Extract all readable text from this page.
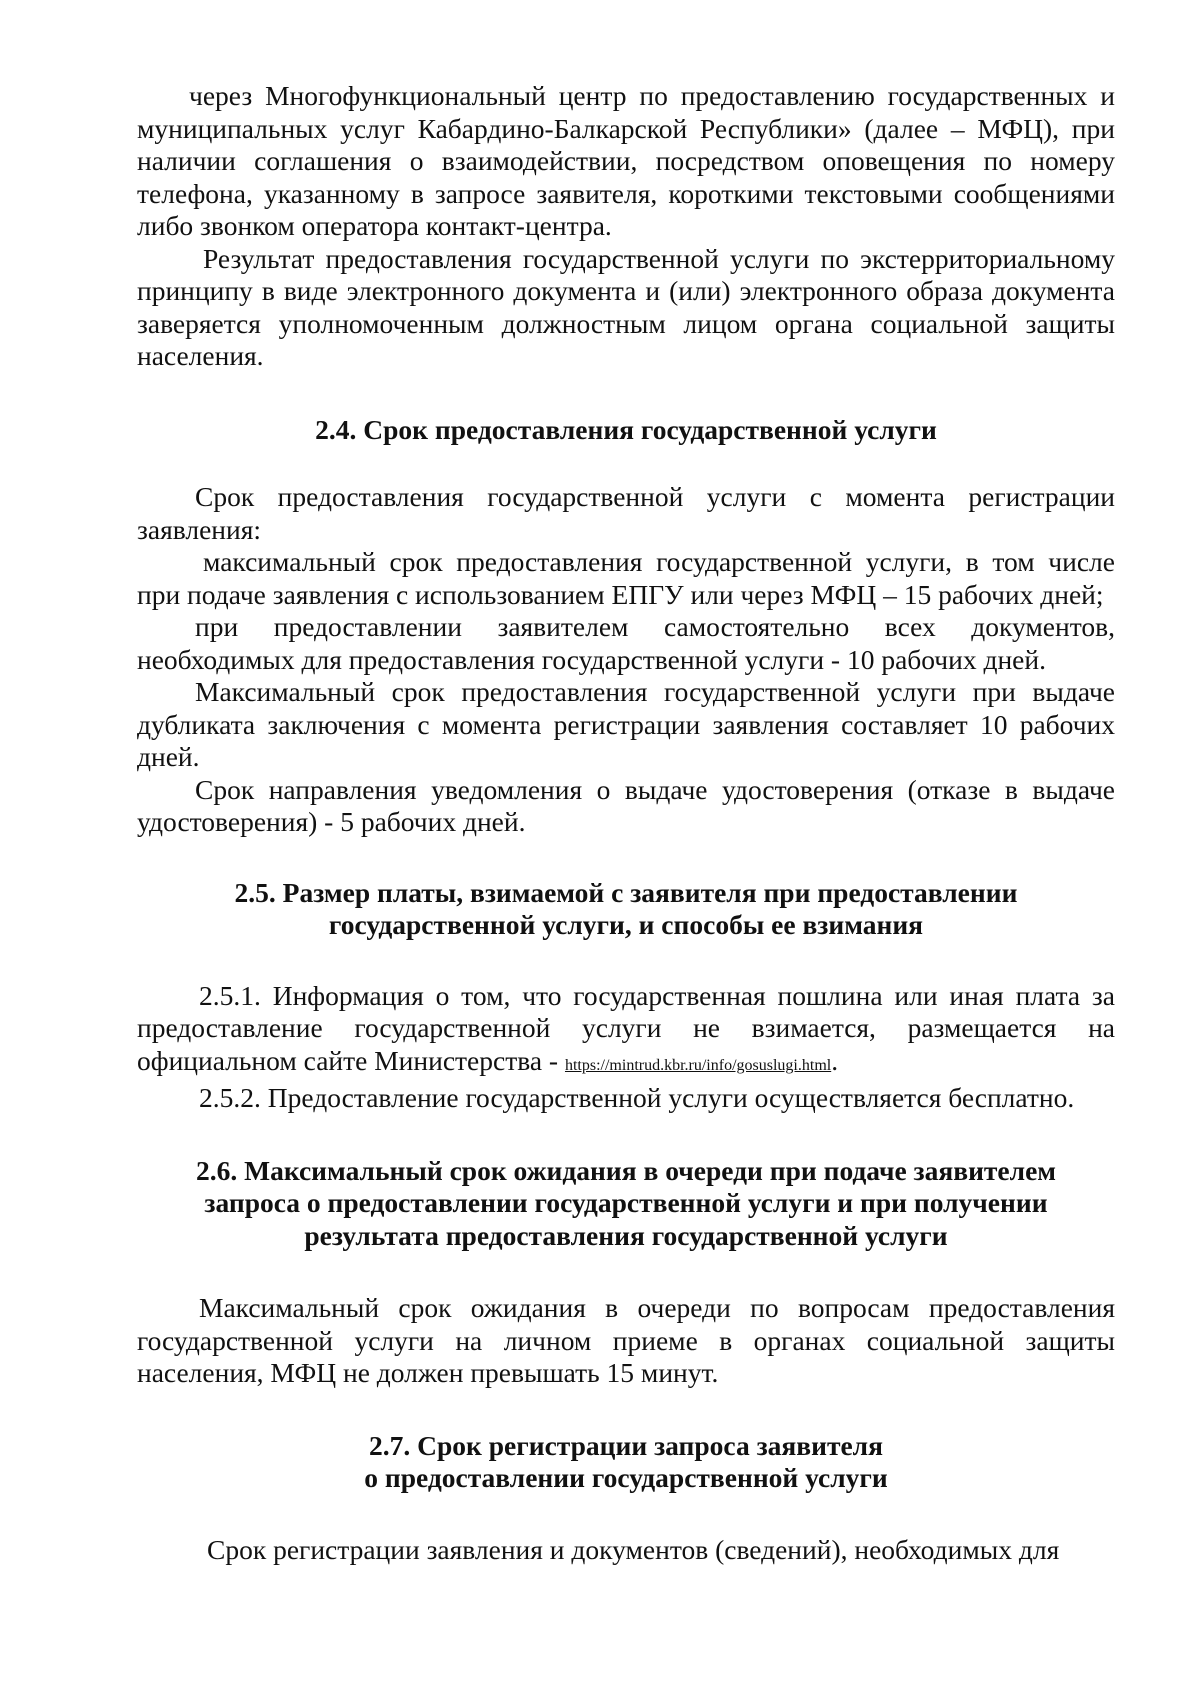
через Многофункциональный центр по предоставлению государственных и муниципальных услуг Кабардино-Балкарской Республики» (далее – МФЦ), при наличии соглашения о взаимодействии, посредством оповещения по номеру телефона, указанному в запросе заявителя, короткими текстовыми сообщениями либо звонком оператора контакт-центра.

Результат предоставления государственной услуги по экстерриториальному принципу в виде электронного документа и (или) электронного образа документа заверяется уполномоченным должностным лицом органа социальной защиты населения.

2.4. Срок предоставления государственной услуги

Срок предоставления государственной услуги с момента регистрации заявления:

максимальный срок предоставления государственной услуги, в том числе при подаче заявления с использованием ЕПГУ или через МФЦ – 15 рабочих дней;

при предоставлении заявителем самостоятельно всех документов, необходимых для предоставления государственной услуги - 10 рабочих дней.

Максимальный срок предоставления государственной услуги при выдаче дубликата заключения с момента регистрации заявления составляет 10 рабочих дней.

Срок направления уведомления о выдаче удостоверения (отказе в выдаче удостоверения) - 5 рабочих дней.

2.5. Размер платы, взимаемой с заявителя при предоставлении
государственной услуги, и способы ее взимания

2.5.1. Информация о том, что государственная пошлина или иная плата за предоставление государственной услуги не взимается, размещается на официальном сайте Министерства - https://mintrud.kbr.ru/info/gosuslugi.html.

2.5.2. Предоставление государственной услуги осуществляется бесплатно.

2.6. Максимальный срок ожидания в очереди при подаче заявителем
запроса о предоставлении государственной услуги и при получении
результата предоставления государственной услуги

Максимальный срок ожидания в очереди по вопросам предоставления государственной услуги на личном приеме в органах социальной защиты населения, МФЦ не должен превышать 15 минут.

2.7. Срок регистрации запроса заявителя
о предоставлении государственной услуги

Срок регистрации заявления и документов (сведений), необходимых для
